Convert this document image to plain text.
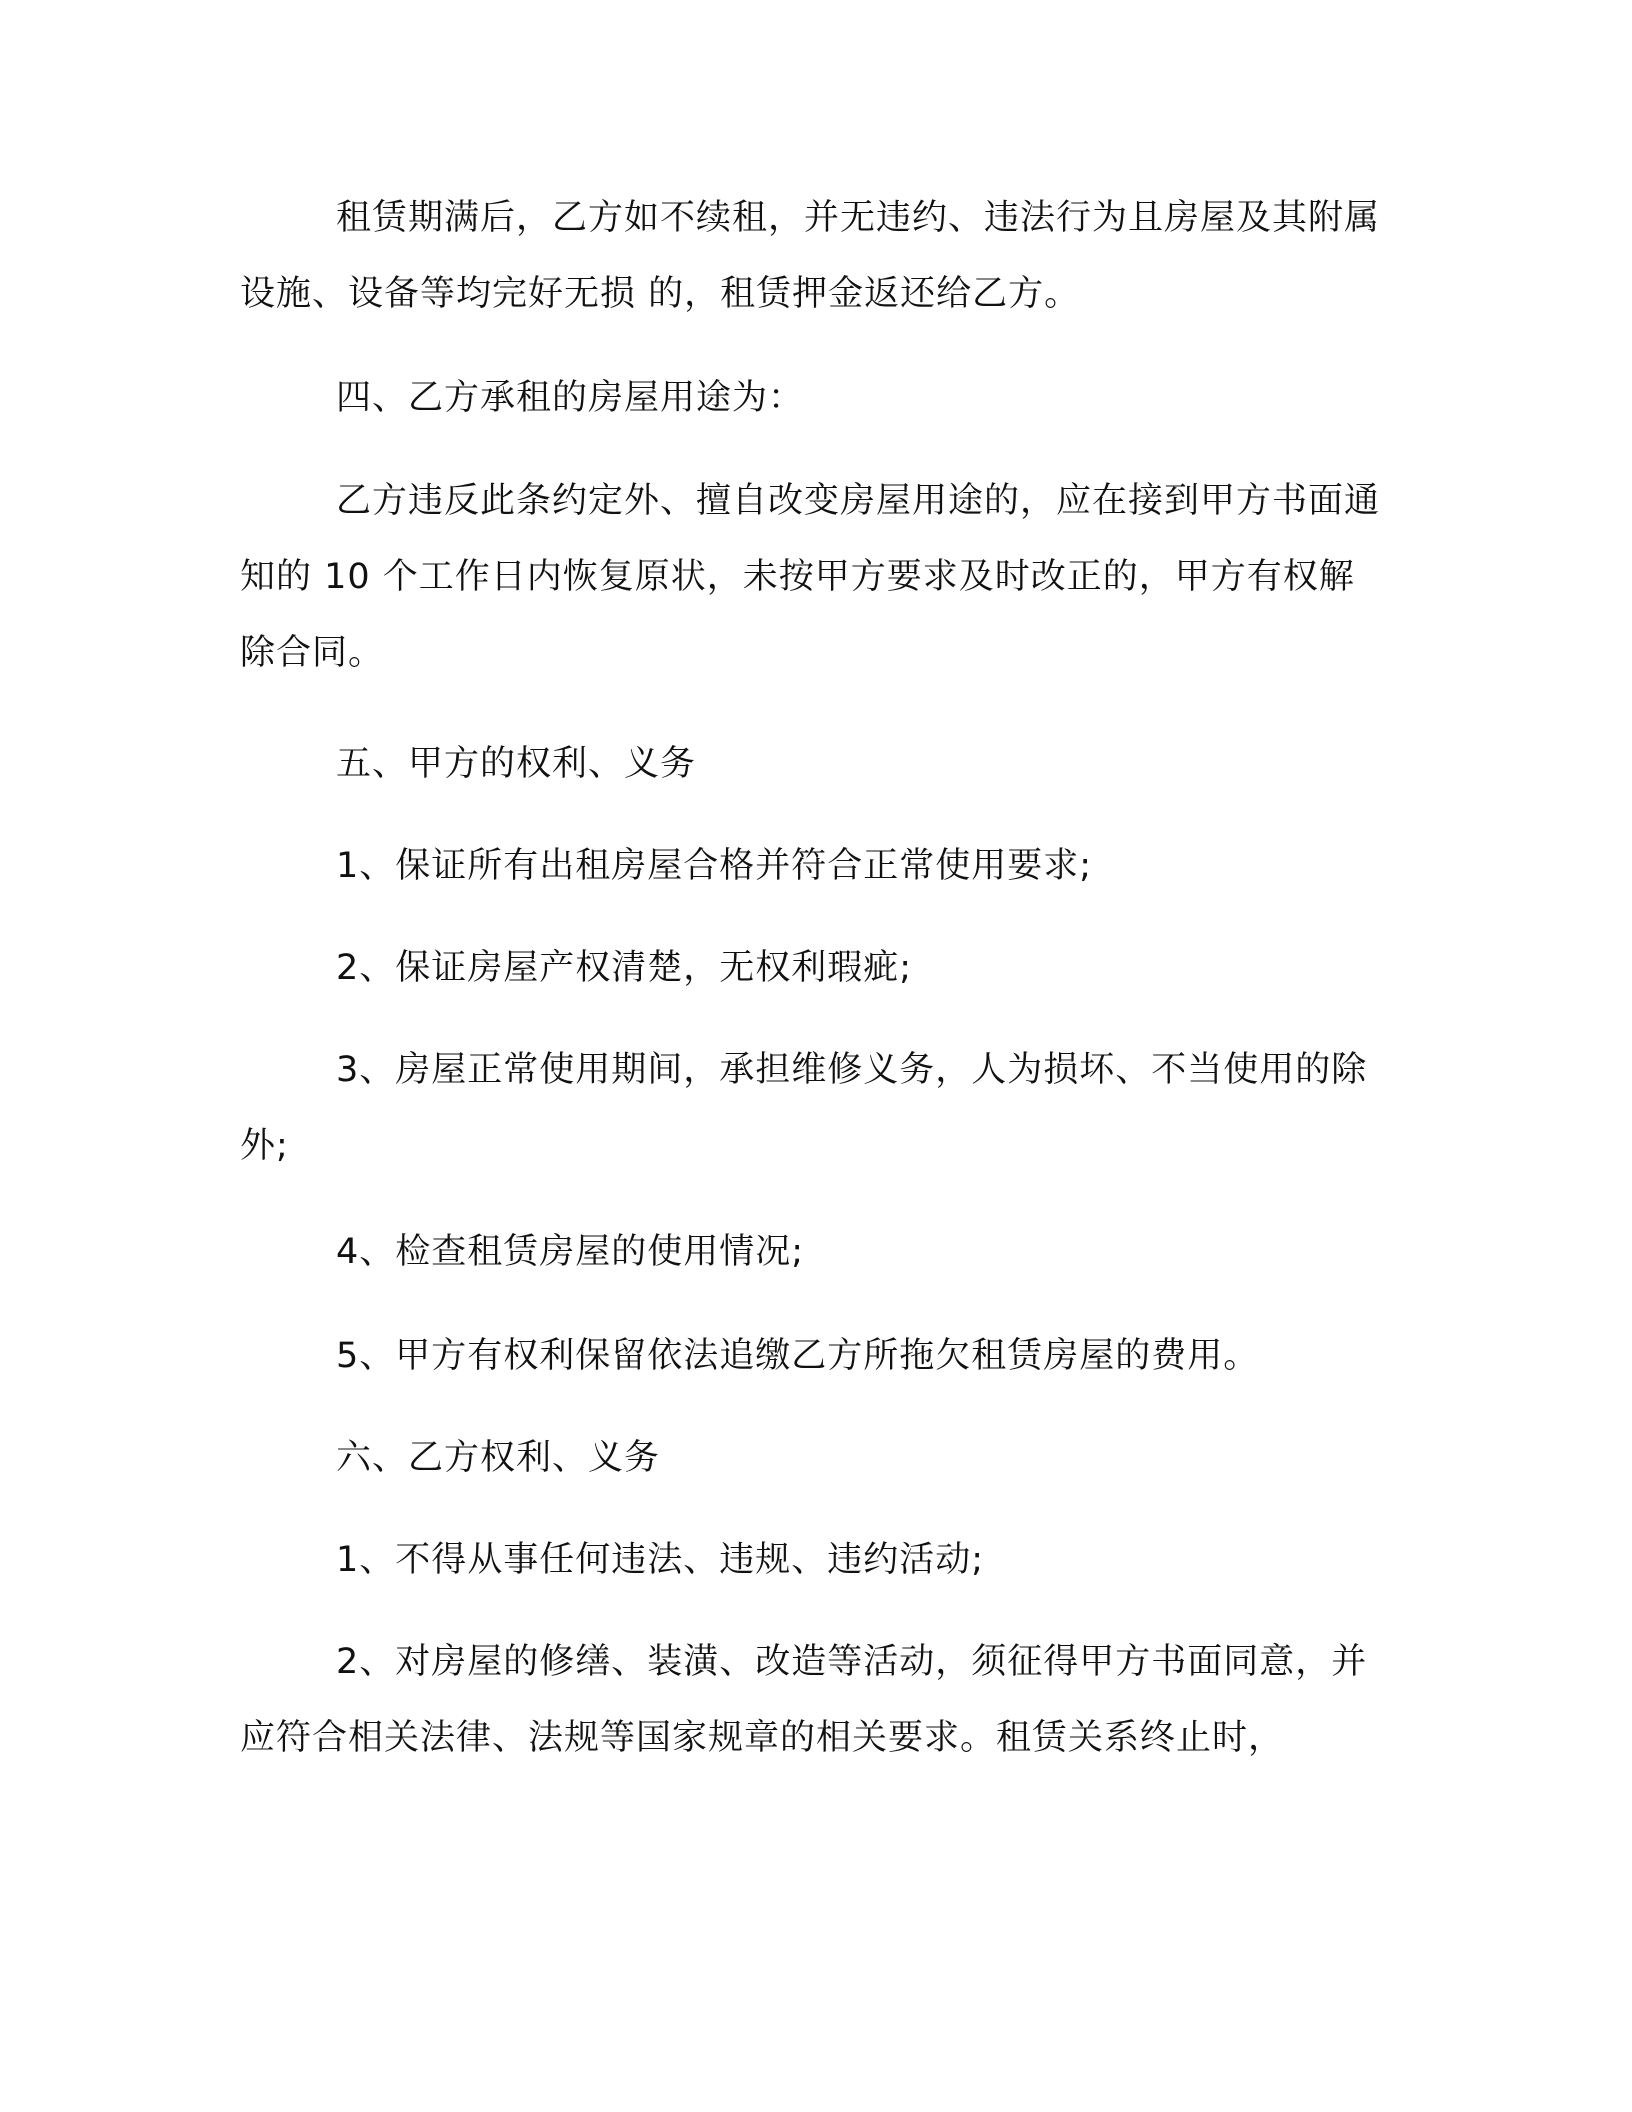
租赁期满后，乙方如不续租，并无违约、违法行为且房屋及其附属设施、设备等均完好无损 的，租赁押金返还给乙方。

四、乙方承租的房屋用途为：

乙方违反此条约定外、擅自改变房屋用途的，应在接到甲方书面通知的 10 个工作日内恢复原状，未按甲方要求及时改正的，甲方有权解除合同。

五、甲方的权利、义务

1、保证所有出租房屋合格并符合正常使用要求;

2、保证房屋产权清楚，无权利瑕疵;

3、房屋正常使用期间，承担维修义务，人为损坏、不当使用的除外;

4、检查租赁房屋的使用情况;

5、甲方有权利保留依法追缴乙方所拖欠租赁房屋的费用。

六、乙方权利、义务

1、不得从事任何违法、违规、违约活动;

2、对房屋的修缮、装潢、改造等活动，须征得甲方书面同意，并应符合相关法律、法规等国家规章的相关要求。租赁关系终止时，
